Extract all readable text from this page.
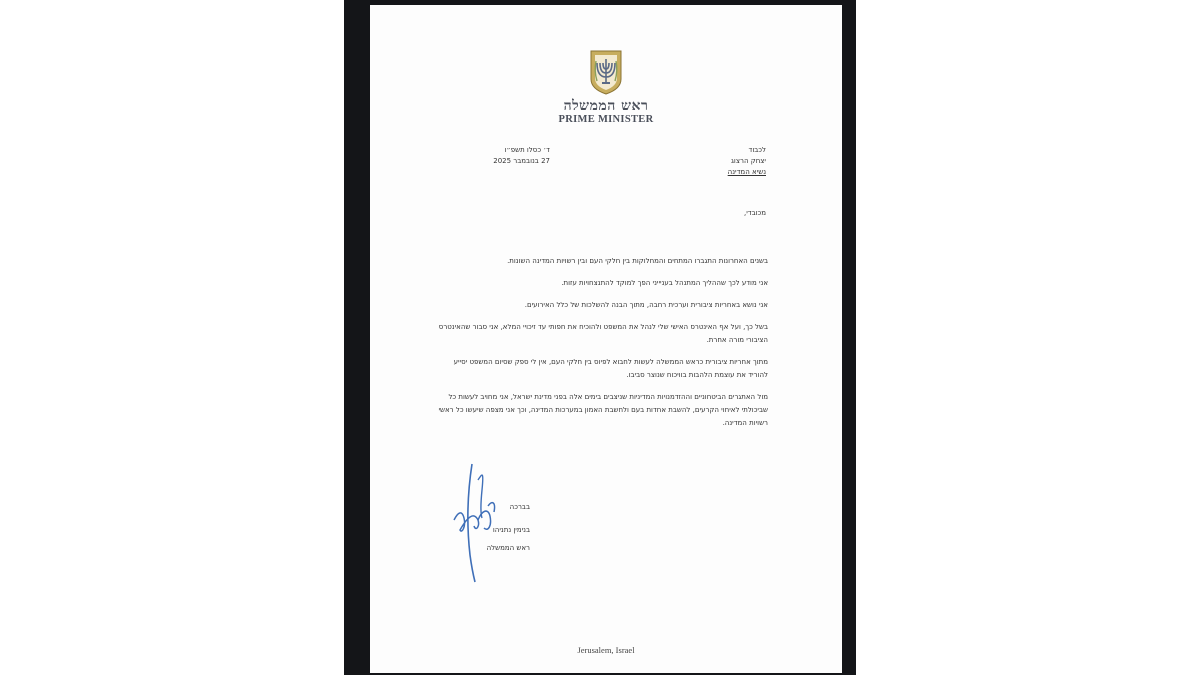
ראש הממשלה
PRIME MINISTER
ד׳ כסלו תשפ״ו
27 בנובמבר 2025
לכבוד
יצחק הרצוג
נשיא המדינה
מכובדי,

בשנים האחרונות התגברו המתחים והמחלוקות בין חלקי העם ובין רשויות המדינה השונות.

אני מודע לכך שההליך המתנהל בעניייני הפך למוקד להתנצחויות עזות.

אני נושא באחריות ציבורית וערכית רחבה, מתוך הבנה להשלכות של כלל האירועים.

בשל כך, ועל אף האינטרס האישי שלי לנהל את המשפט ולהוכיח את חפותי עד זיכויי המלא, אני סבור שהאינטרס

הציבורי מורה אחרת.

מתוך אחריות ציבורית כראש הממשלה לעשות לחבוא לפיוס בין חלקי העם, אין לי ספק שסיום המשפט יסייע

להוריד את עוצמת הלהבות בוויכוח שנוצר סביבו.

מול האתגרים הביטחוניים וההזדמנויות המדיניות שניצבים בימים אלה בפני מדינת ישראל, אני מחויב לעשות כל

שביכולתי לאיחוי הקרעים, להשבת אחדות בעם ולחשבת האמון במערכות המדינה, וכך אני מצפה שיעשו כל ראשי

רשויות המדינה.

בברכה
בנימין נתניהו
ראש הממשלה
Jerusalem, Israel
